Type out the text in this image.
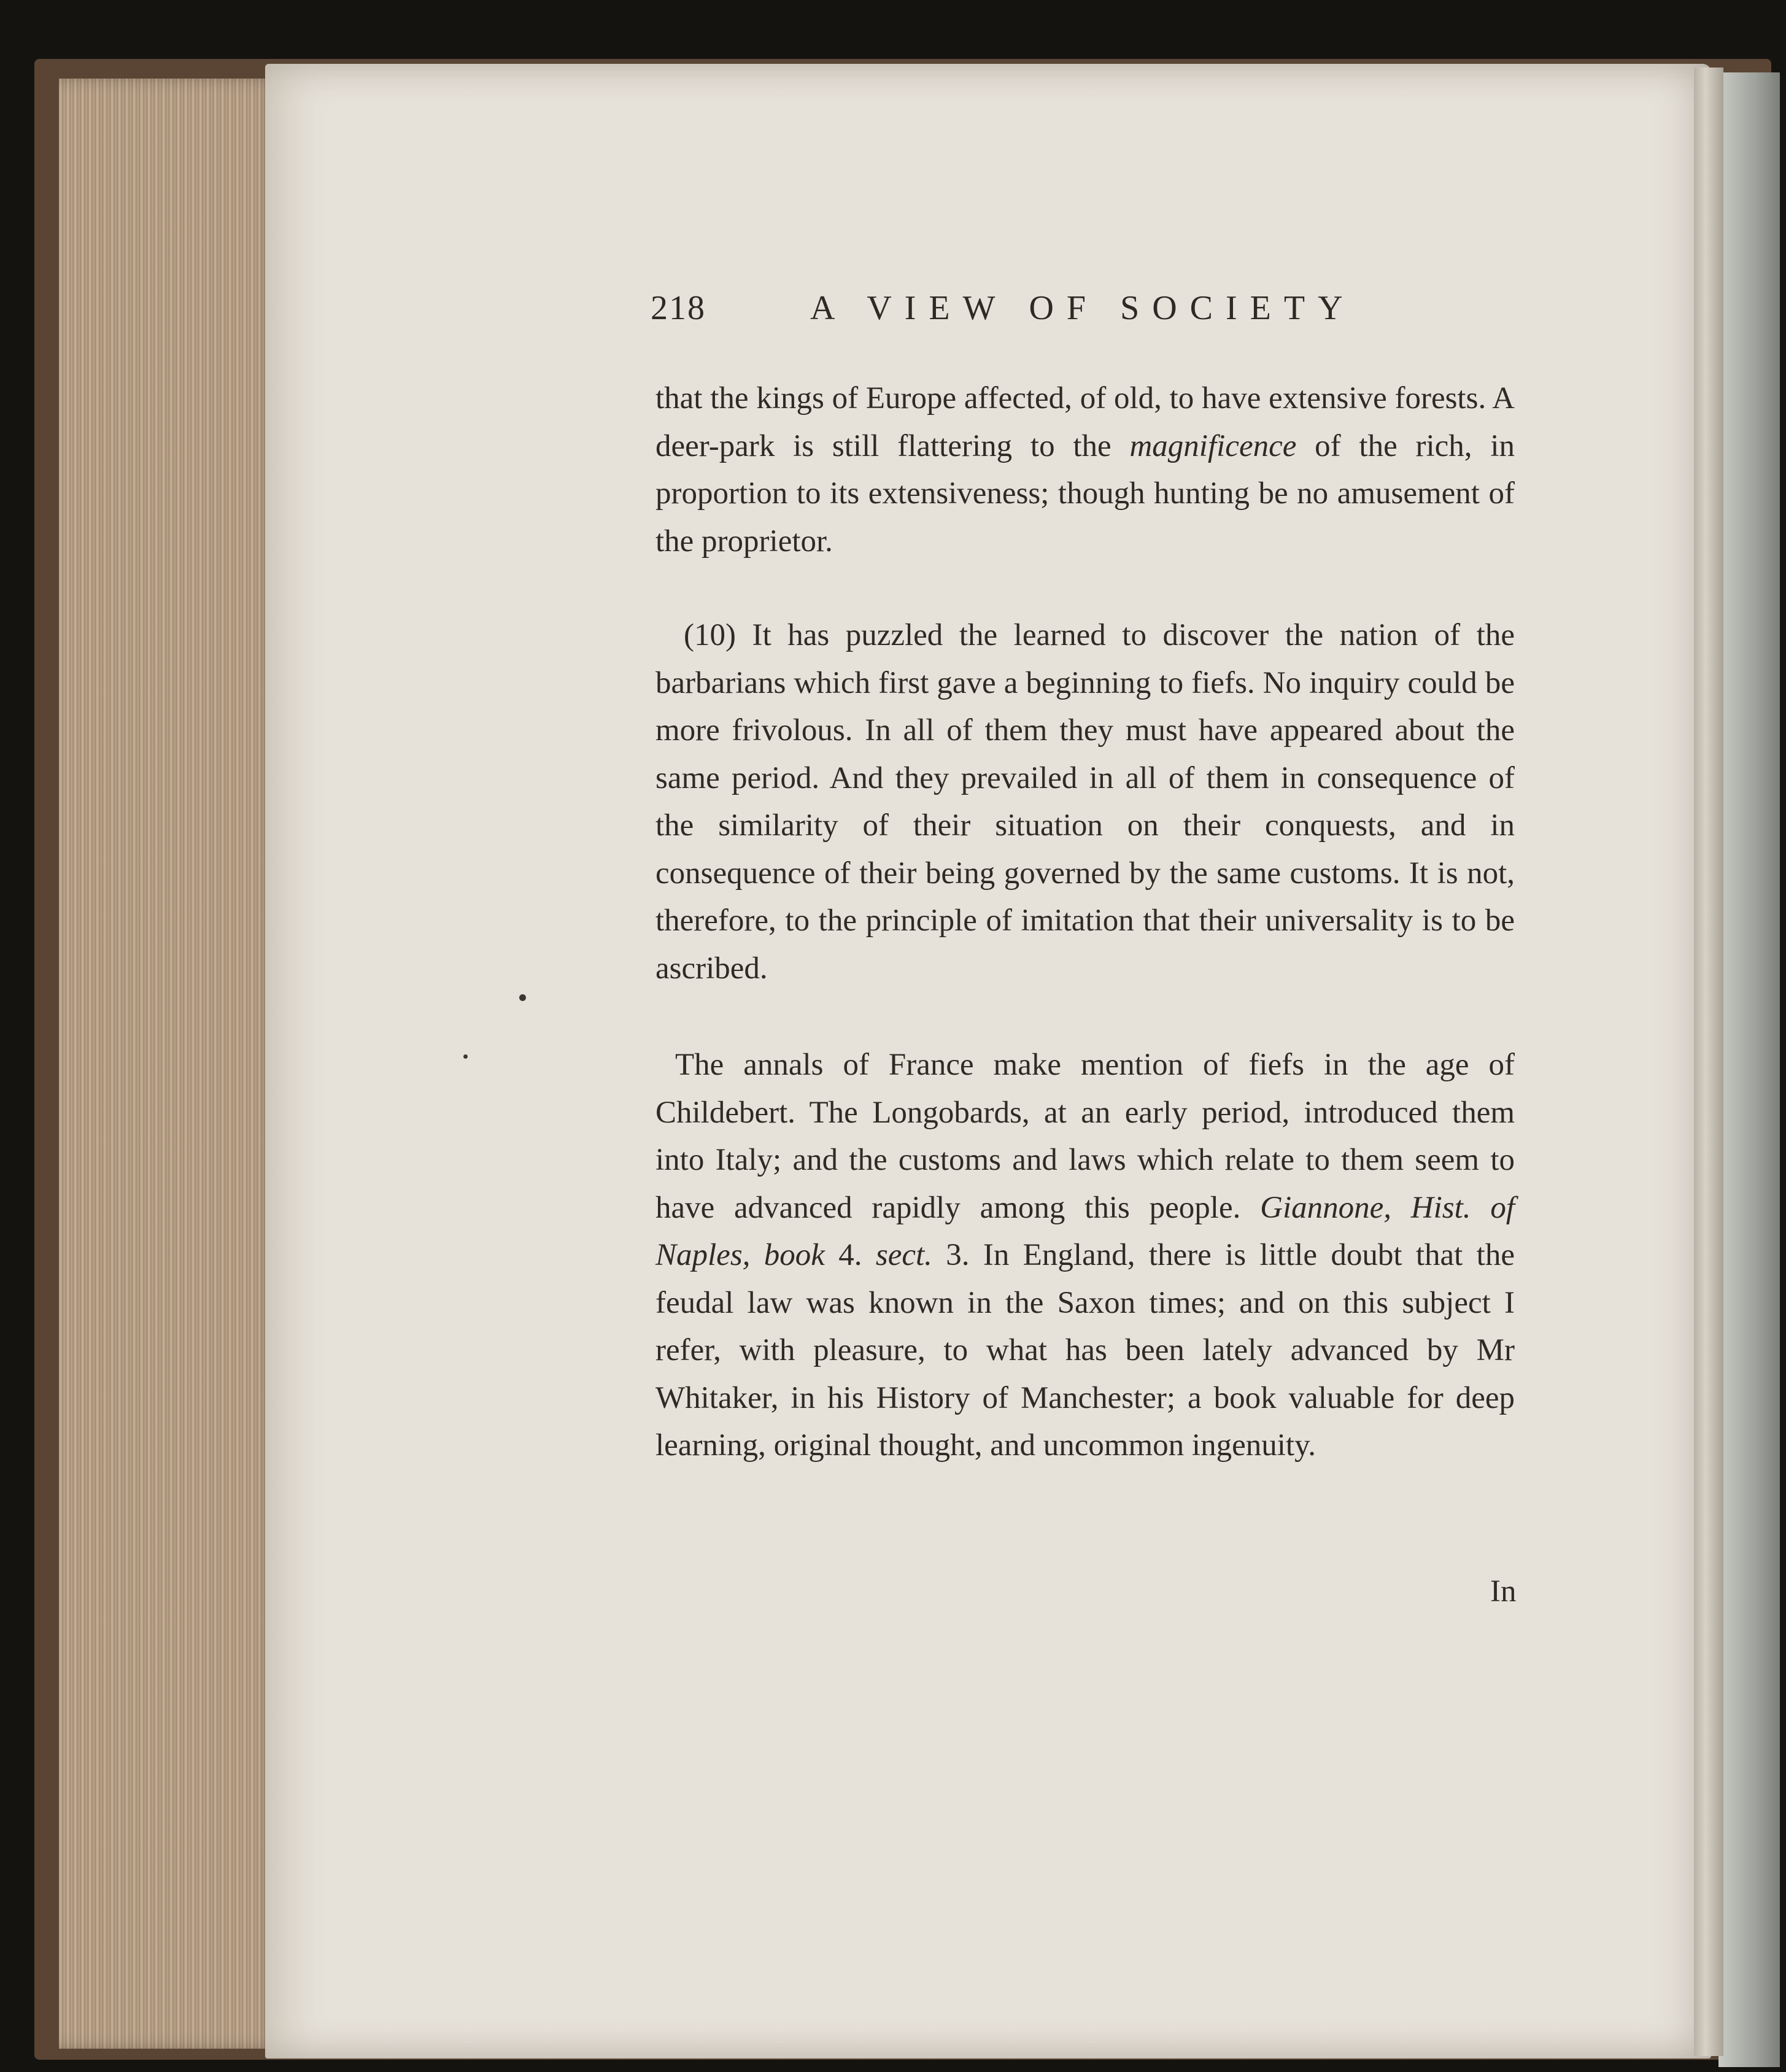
218	A VIEW OF SOCIETY
that the kings of Europe affected, of old, to have extensive forests. A deer-park is still flattering to the magnificence of the rich, in proportion to its extensiveness; though hunting be no amusement of the proprietor.
(10) It has puzzled the learned to discover the nation of the barbarians which first gave a beginning to fiefs. No inquiry could be more frivolous. In all of them they must have appeared about the same period. And they prevailed in all of them in consequence of the similarity of their situation on their conquests, and in consequence of their being governed by the same customs. It is not, therefore, to the principle of imitation that their universality is to be ascribed.
The annals of France make mention of fiefs in the age of Childebert. The Longobards, at an early period, introduced them into Italy; and the customs and laws which relate to them seem to have advanced rapidly among this people. Giannone, Hist. of Naples, book 4. sect. 3. In England, there is little doubt that the feudal law was known in the Saxon times; and on this subject I refer, with pleasure, to what has been lately advanced by Mr Whitaker, in his History of Manchester; a book valuable for deep learning, original thought, and uncommon ingenuity.
In
